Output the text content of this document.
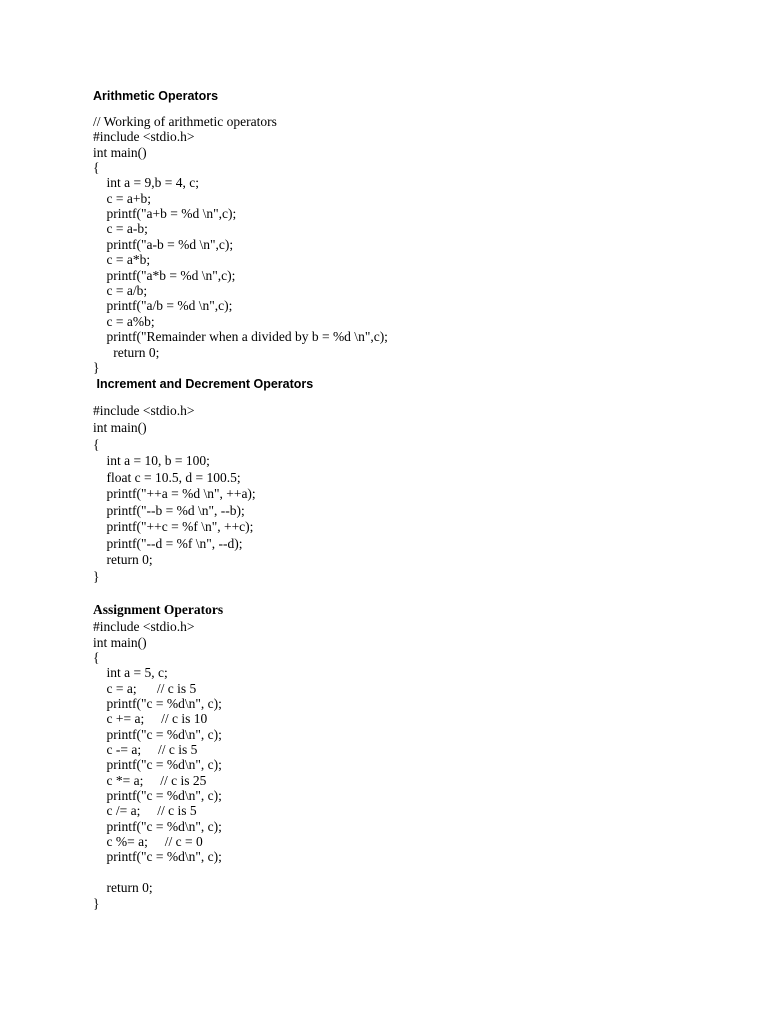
Arithmetic Operators
// Working of arithmetic operators
#include <stdio.h>
int main()
{
int a = 9,b = 4, c;
c = a+b;
printf("a+b = %d \n",c);
c = a-b;
printf("a-b = %d \n",c);
c = a*b;
printf("a*b = %d \n",c);
c = a/b;
printf("a/b = %d \n",c);
c = a%b;
printf("Remainder when a divided by b = %d \n",c);
return 0;
}
Increment and Decrement Operators
#include <stdio.h>
int main()
{
int a = 10, b = 100;
float c = 10.5, d = 100.5;
printf("++a = %d \n", ++a);
printf("--b = %d \n", --b);
printf("++c = %f \n", ++c);
printf("--d = %f \n", --d);
return 0;
}
Assignment Operators
#include <stdio.h>
int main()
{
int a = 5, c;
c = a;      // c is 5
printf("c = %d\n", c);
c += a;     // c is 10
printf("c = %d\n", c);
c -= a;     // c is 5
printf("c = %d\n", c);
c *= a;     // c is 25
printf("c = %d\n", c);
c /= a;     // c is 5
printf("c = %d\n", c);
c %= a;     // c = 0
printf("c = %d\n", c);
return 0;
}
